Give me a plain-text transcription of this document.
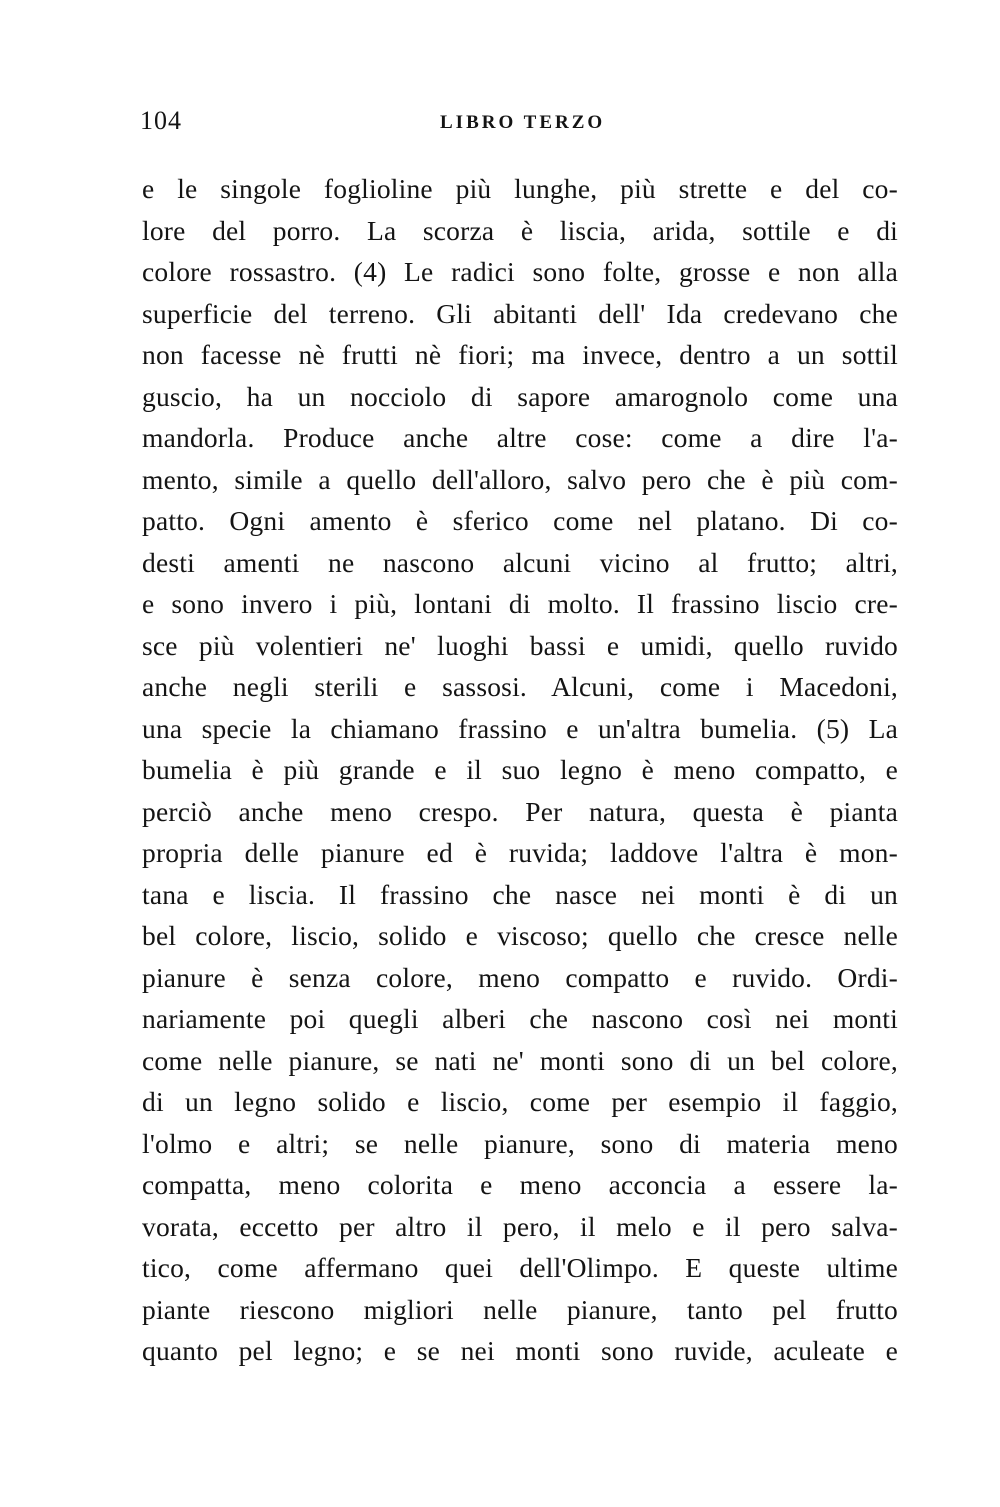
104	LIBRO TERZO
e le singole foglioline più lunghe, più strette e del co-
lore del porro. La scorza è liscia, arida, sottile e di
colore rossastro. (4) Le radici sono folte, grosse e non alla
superficie del terreno. Gli abitanti dell' Ida credevano che
non facesse nè frutti nè fiori; ma invece, dentro a un sottil
guscio, ha un nocciolo di sapore amarognolo come una
mandorla. Produce anche altre cose: come a dire l'a-
mento, simile a quello dell'alloro, salvo pero che è più com-
patto. Ogni amento è sferico come nel platano. Di co-
desti amenti ne nascono alcuni vicino al frutto; altri,
e sono invero i più, lontani di molto. Il frassino liscio cre-
sce più volentieri ne' luoghi bassi e umidi, quello ruvido
anche negli sterili e sassosi. Alcuni, come i Macedoni,
una specie la chiamano frassino e un'altra bumelia. (5) La
bumelia è più grande e il suo legno è meno compatto, e
perciò anche meno crespo. Per natura, questa è pianta
propria delle pianure ed è ruvida; laddove l'altra è mon-
tana e liscia. Il frassino che nasce nei monti è di un
bel colore, liscio, solido e viscoso; quello che cresce nelle
pianure è senza colore, meno compatto e ruvido. Ordi-
nariamente poi quegli alberi che nascono così nei monti
come nelle pianure, se nati ne' monti sono di un bel colore,
di un legno solido e liscio, come per esempio il faggio,
l'olmo e altri; se nelle pianure, sono di materia meno
compatta, meno colorita e meno acconcia a essere la-
vorata, eccetto per altro il pero, il melo e il pero salva-
tico, come affermano quei dell'Olimpo. E queste ultime
piante riescono migliori nelle pianure, tanto pel frutto
quanto pel legno; e se nei monti sono ruvide, aculeate e
